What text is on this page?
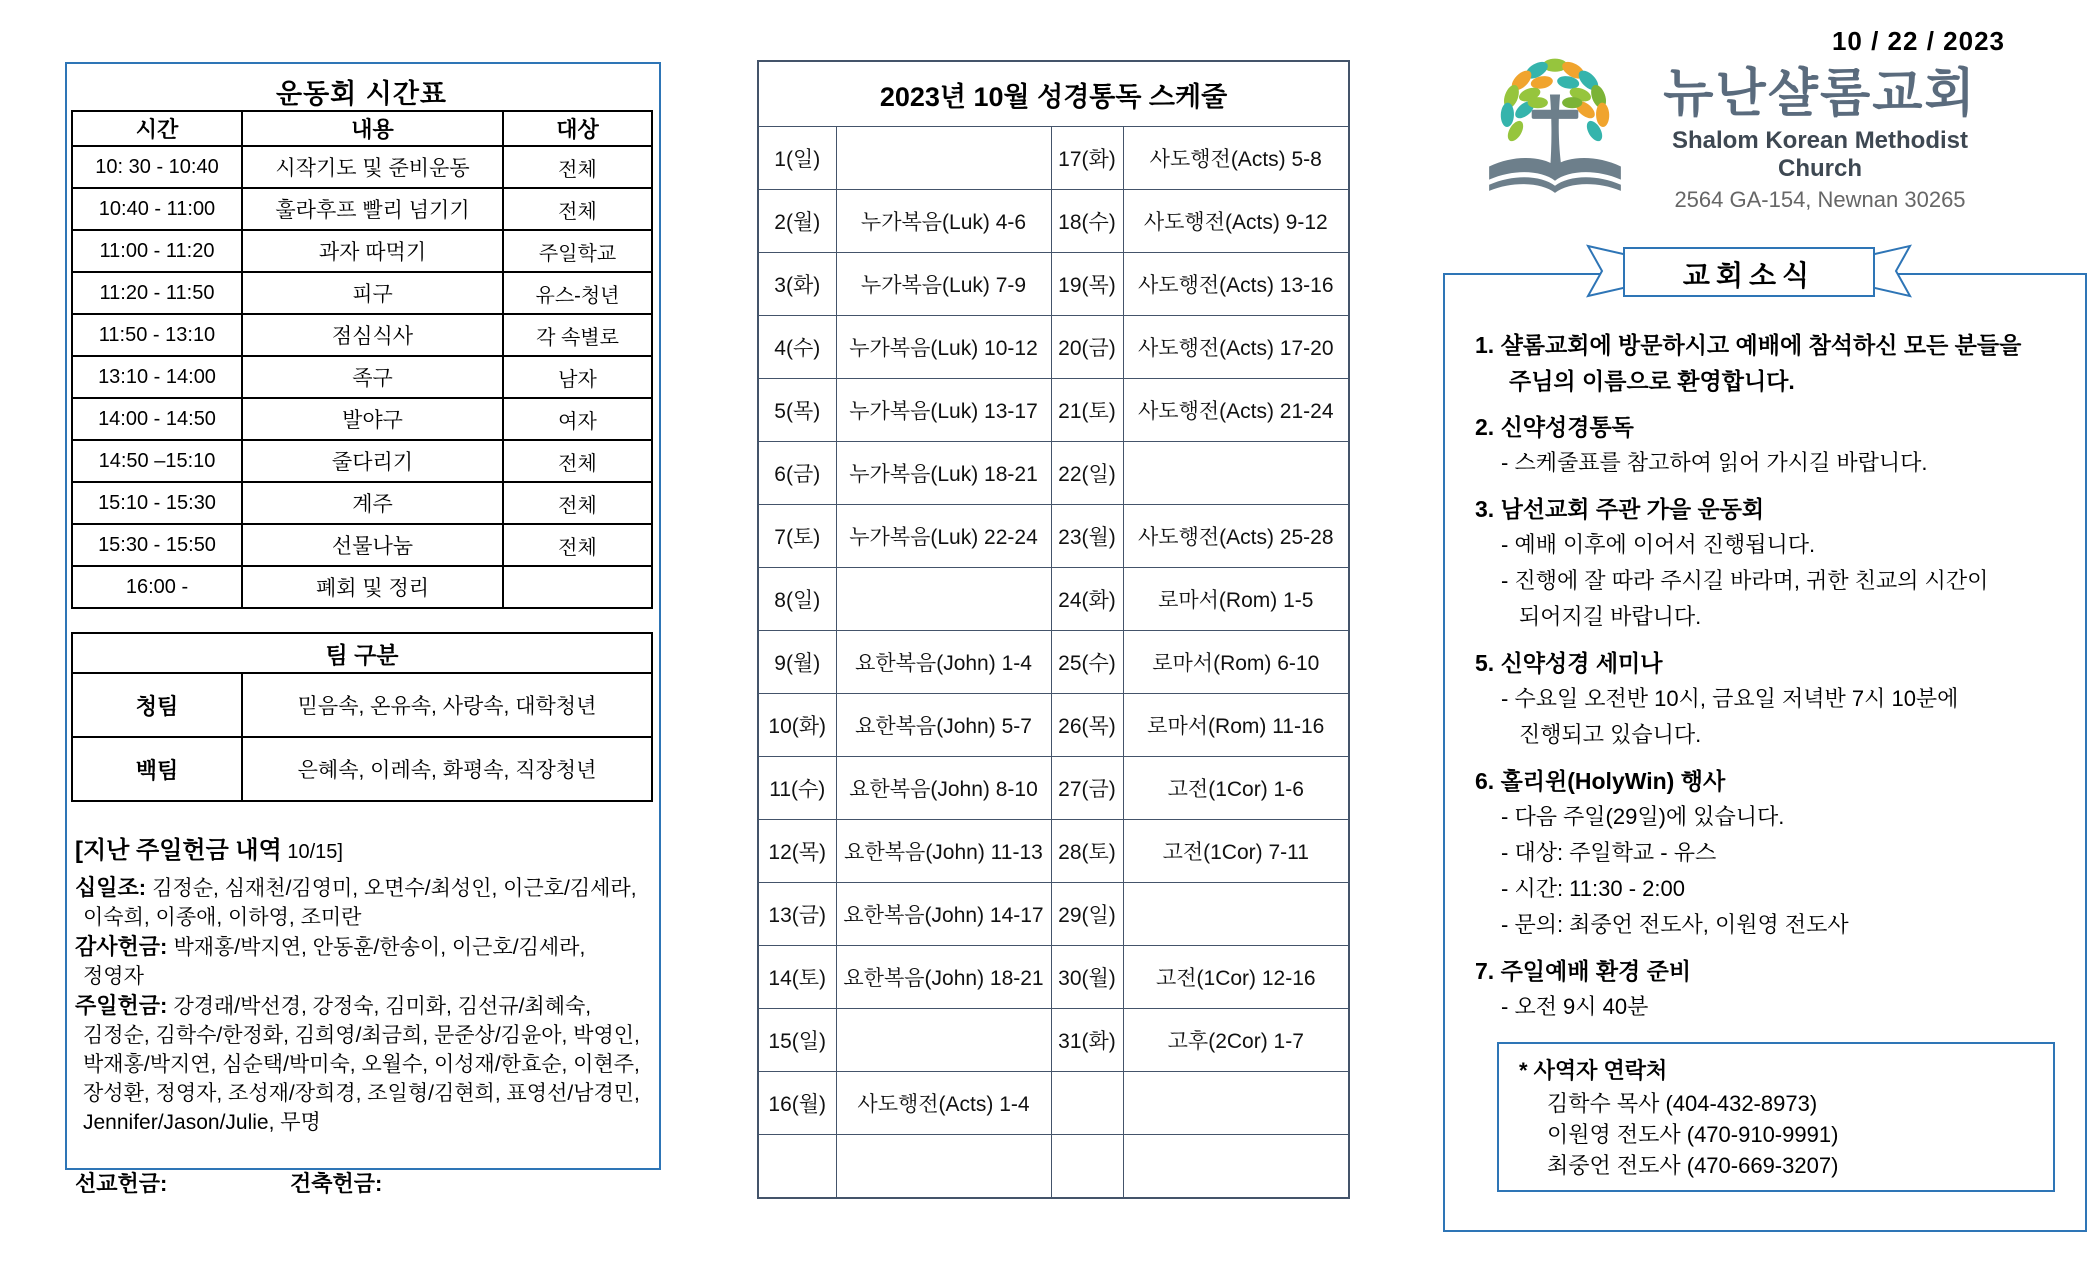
운동회 시간표
시간	내용	대상
10: 30 - 10:40	시작기도 및 준비운동	전체
10:40 - 11:00	훌라후프 빨리 넘기기	전체
11:00 - 11:20	과자 따먹기	주일학교
11:20 - 11:50	피구	유스-청년
11:50 - 13:10	점심식사	각 속별로
13:10 - 14:00	족구	남자
14:00 - 14:50	발야구	여자
14:50 –15:10	줄다리기	전체
15:10 - 15:30	계주	전체
15:30 - 15:50	선물나눔	전체
16:00 -	폐회 및 정리	
팀 구분	
청팀	믿음속, 온유속, 사랑속, 대학청년
백팀	은혜속, 이레속, 화평속, 직장청년
[지난 주일헌금 내역 10/15]
십일조: 김정순, 심재천/김영미, 오면수/최성인, 이근호/김세라,
이숙희, 이종애, 이하영, 조미란
감사헌금: 박재홍/박지연, 안동훈/한송이, 이근호/김세라,
정영자
주일헌금: 강경래/박선경, 강정숙, 김미화, 김선규/최혜숙,
김정순, 김학수/한정화, 김희영/최금희, 문준상/김윤아, 박영인,
박재홍/박지연, 심순택/박미숙, 오월수, 이성재/한효순, 이현주,
장성환, 정영자, 조성재/장희경, 조일형/김현희, 표영선/남경민,
Jennifer/Jason/Julie, 무명
선교헌금:	건축헌금:
2023년 10월 성경통독 스케줄			
1(일)		17(화)	사도행전(Acts) 5-8
2(월)	누가복음(Luk) 4-6	18(수)	사도행전(Acts) 9-12
3(화)	누가복음(Luk) 7-9	19(목)	사도행전(Acts) 13-16
4(수)	누가복음(Luk) 10-12	20(금)	사도행전(Acts) 17-20
5(목)	누가복음(Luk) 13-17	21(토)	사도행전(Acts) 21-24
6(금)	누가복음(Luk) 18-21	22(일)	
7(토)	누가복음(Luk) 22-24	23(월)	사도행전(Acts) 25-28
8(일)		24(화)	로마서(Rom) 1-5
9(월)	요한복음(John) 1-4	25(수)	로마서(Rom) 6-10
10(화)	요한복음(John) 5-7	26(목)	로마서(Rom) 11-16
11(수)	요한복음(John) 8-10	27(금)	고전(1Cor) 1-6
12(목)	요한복음(John) 11-13	28(토)	고전(1Cor) 7-11
13(금)	요한복음(John) 14-17	29(일)	
14(토)	요한복음(John) 18-21	30(월)	고전(1Cor) 12-16
15(일)		31(화)	고후(2Cor) 1-7
16(월)	사도행전(Acts) 1-4		

10 / 22 / 2023
뉴난샬롬교회
Shalom Korean Methodist Church
2564 GA-154, Newnan 30265
1. 샬롬교회에 방문하시고 예배에 참석하신 모든 분들을
주님의 이름으로 환영합니다.
2. 신약성경통독
- 스케줄표를 참고하여 읽어 가시길 바랍니다.
3. 남선교회 주관 가을 운동회
- 예배 이후에 이어서 진행됩니다.
- 진행에 잘 따라 주시길 바라며, 귀한 친교의 시간이
되어지길 바랍니다.
5. 신약성경 세미나
- 수요일 오전반 10시, 금요일 저녁반 7시 10분에
진행되고 있습니다.
6. 홀리윈(HolyWin) 행사
- 다음 주일(29일)에 있습니다.
- 대상: 주일학교 - 유스
- 시간: 11:30 - 2:00
- 문의: 최중언 전도사, 이원영 전도사
7. 주일예배 환경 준비
- 오전 9시 40분
* 사역자 연락처
김학수 목사 (404-432-8973)
이원영 전도사 (470-910-9991)
최중언 전도사 (470-669-3207)
교회소식
